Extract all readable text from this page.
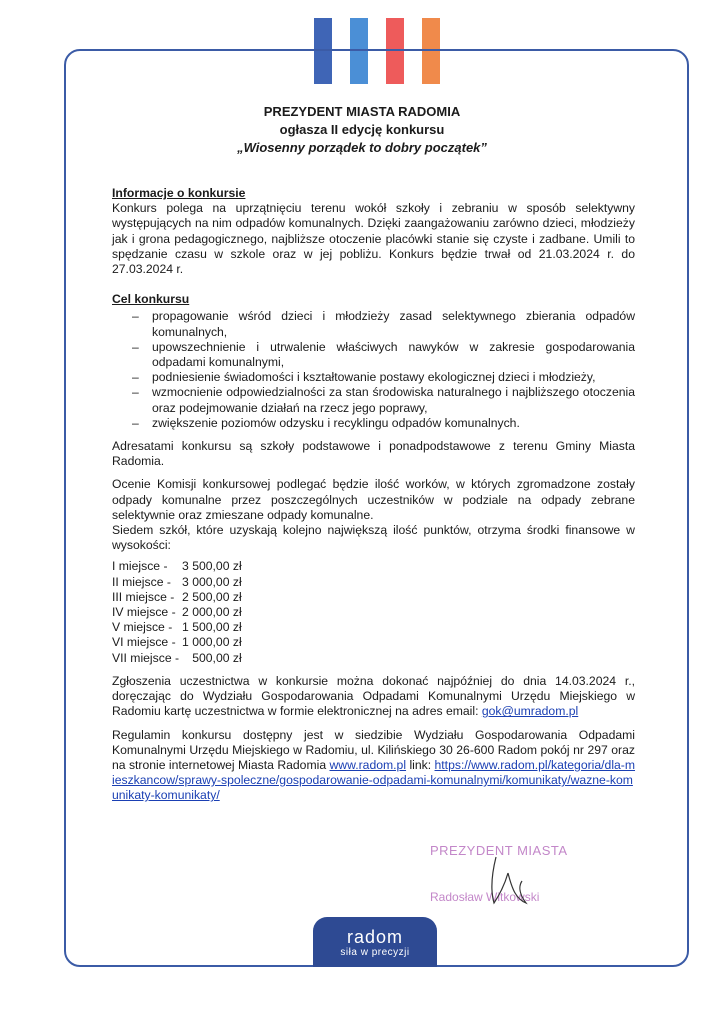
PREZYDENT MIASTA RADOMIA
ogłasza II edycję konkursu
„Wiosenny porządek to dobry początek”
Informacje o konkursie

Konkurs polega na uprzątnięciu terenu wokół szkoły i zebraniu w sposób selektywny występujących na nim odpadów komunalnych. Dzięki zaangażowaniu zarówno dzieci, młodzieży jak i grona pedagogicznego, najbliższe otoczenie placówki stanie się czyste i zadbane. Umili to spędzanie czasu w szkole oraz w jej pobliżu. Konkurs będzie trwał od 21.03.2024 r. do 27.03.2024 r.

Cel konkursu
– propagowanie wśród dzieci i młodzieży zasad selektywnego zbierania odpadów komunalnych,
– upowszechnienie i utrwalenie właściwych nawyków w zakresie gospodarowania odpadami komunalnymi,
– podniesienie świadomości i kształtowanie postawy ekologicznej dzieci i młodzieży,
– wzmocnienie odpowiedzialności za stan środowiska naturalnego i najbliższego otoczenia oraz podejmowanie działań na rzecz jego poprawy,
– zwiększenie poziomów odzysku i recyklingu odpadów komunalnych.

Adresatami konkursu są szkoły podstawowe i ponadpodstawowe z terenu Gminy Miasta Radomia.

Ocenie Komisji konkursowej podlegać będzie ilość worków, w których zgromadzone zostały odpady komunalne przez poszczególnych uczestników w podziale na odpady zebrane selektywnie oraz zmieszane odpady komunalne.

Siedem szkół, które uzyskają kolejno największą ilość punktów, otrzyma środki finansowe w wysokości:

I miejsce -	3 500,00 zł
II miejsce -	3 000,00 zł
III miejsce -	2 500,00 zł
IV miejsce -	2 000,00 zł
V miejsce -	1 500,00 zł
VI miejsce -	1 000,00 zł
VII miejsce -	500,00 zł

Zgłoszenia uczestnictwa w konkursie można dokonać najpóźniej do dnia 14.03.2024 r., doręczając do Wydziału Gospodarowania Odpadami Komunalnymi Urzędu Miejskiego w Radomiu kartę uczestnictwa w formie elektronicznej na adres email: gok@umradom.pl

Regulamin konkursu dostępny jest w siedzibie Wydziału Gospodarowania Odpadami Komunalnymi Urzędu Miejskiego w Radomiu, ul. Kilińskiego 30 26-600 Radom pokój nr 297 oraz na stronie internetowej Miasta Radomia www.radom.pl link: https://www.radom.pl/kategoria/dla-mieszkancow/sprawy-spoleczne/gospodarowanie-odpadami-komunalnymi/komunikaty/wazne-komunikaty-komunikaty/

PREZYDENT MIASTA
Radosław Witkowski
radom
siła w precyzji
